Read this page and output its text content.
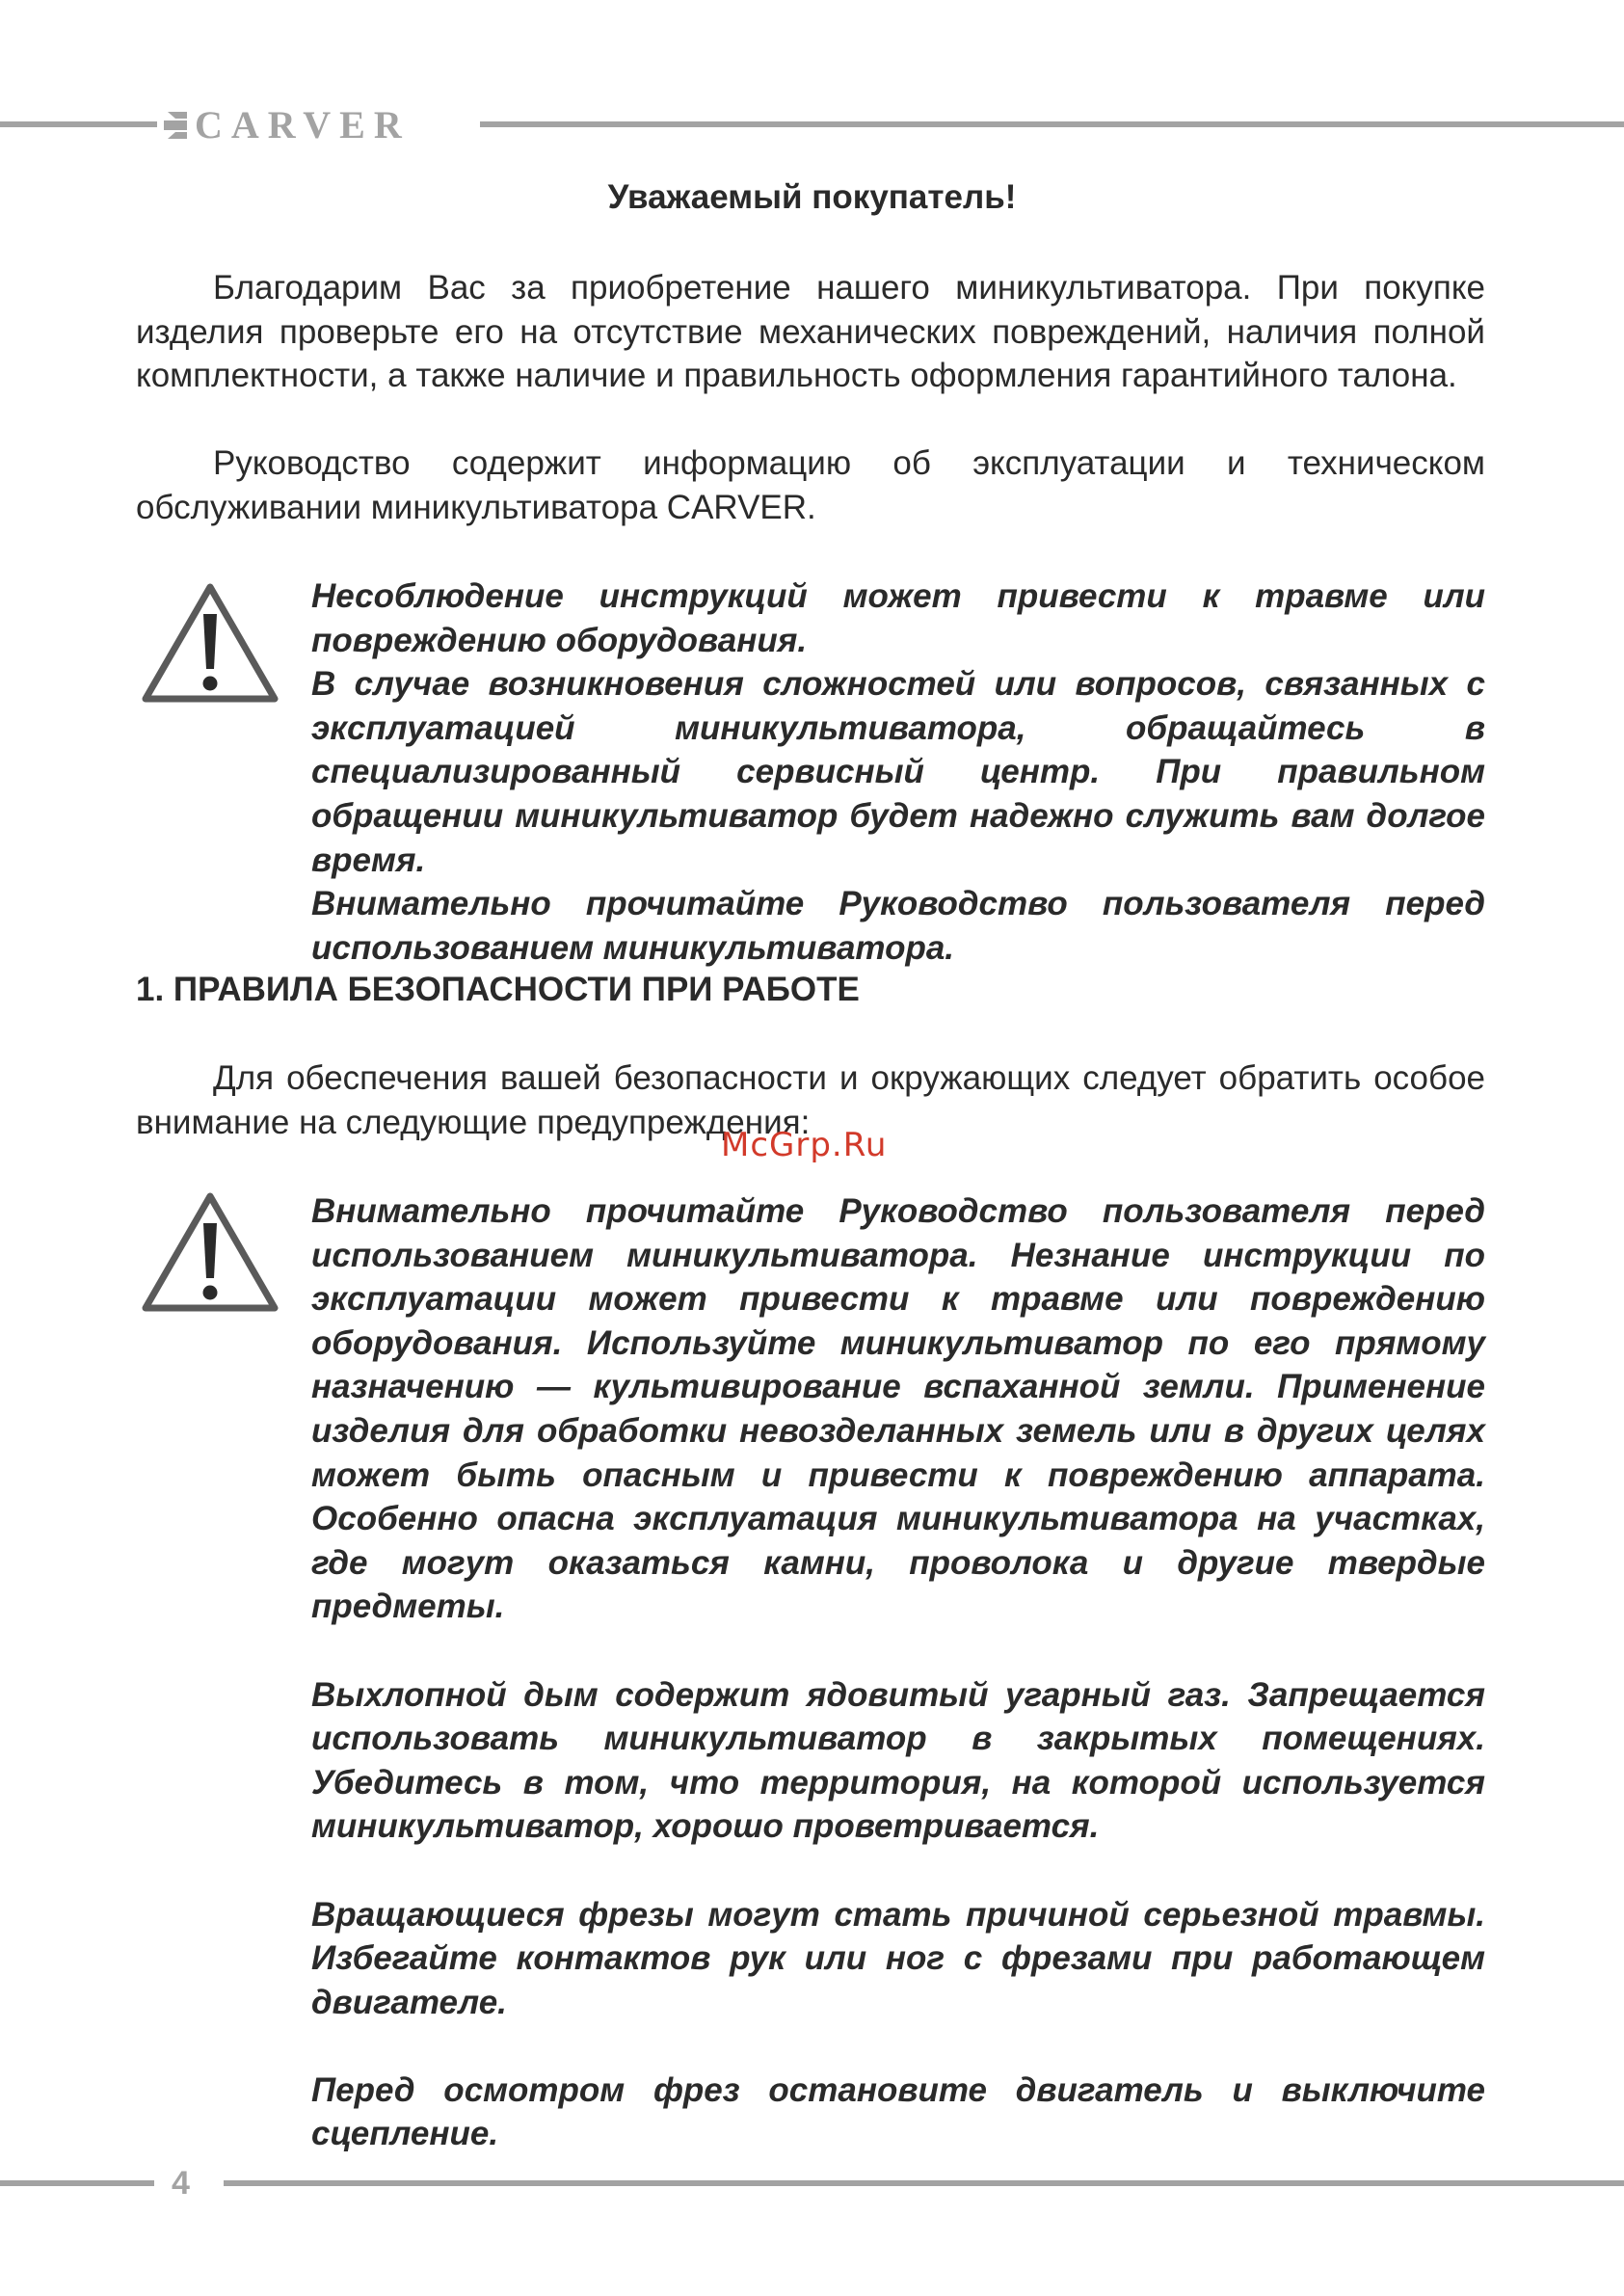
CARVER
Уважаемый покупатель!

Благодарим Вас за приобретение нашего миникультиватора. При покупке изделия проверьте его на отсутствие механических повреждений, наличия полной комплектности, а также наличие и правильность оформления гарантийного талона.

Руководство содержит информацию об эксплуатации и техническом обслуживании миникультиватора CARVER.

Несоблюдение инструкций может привести к травме или повреждению оборудования.

В случае возникновения сложностей или вопросов, связанных с эксплуатацией миникультиватора, обращайтесь в специализированный сервисный центр. При правильном обращении миникультиватор будет надежно служить вам долгое время.

Внимательно прочитайте Руководство пользователя перед использованием миникультиватора.

1. ПРАВИЛА БЕЗОПАСНОСТИ ПРИ РАБОТЕ

Для обеспечения вашей безопасности и окружающих следует обратить особое внимание на следующие предупреждения:

McGrp.Ru

Внимательно прочитайте Руководство пользователя перед использованием миникультиватора. Незнание инструкции по эксплуатации может привести к травме или повреждению оборудования. Используйте миникультиватор по его прямому назначению — культивирование вспаханной земли. Применение изделия для обработки невозделанных земель или в других целях может быть опасным и привести к повреждению аппарата. Особенно опасна эксплуатация миникультиватора на участках, где могут оказаться камни, проволока и другие твердые предметы.

Выхлопной дым содержит ядовитый угарный газ. Запрещается использовать миникультиватор в закрытых помещениях. Убедитесь в том, что территория, на которой используется миникультиватор, хорошо проветривается.

Вращающиеся фрезы могут стать причиной серьезной травмы. Избегайте контактов рук или ног с фрезами при работающем двигателе.

Перед осмотром фрез остановите двигатель и выключите сцепление.

4
